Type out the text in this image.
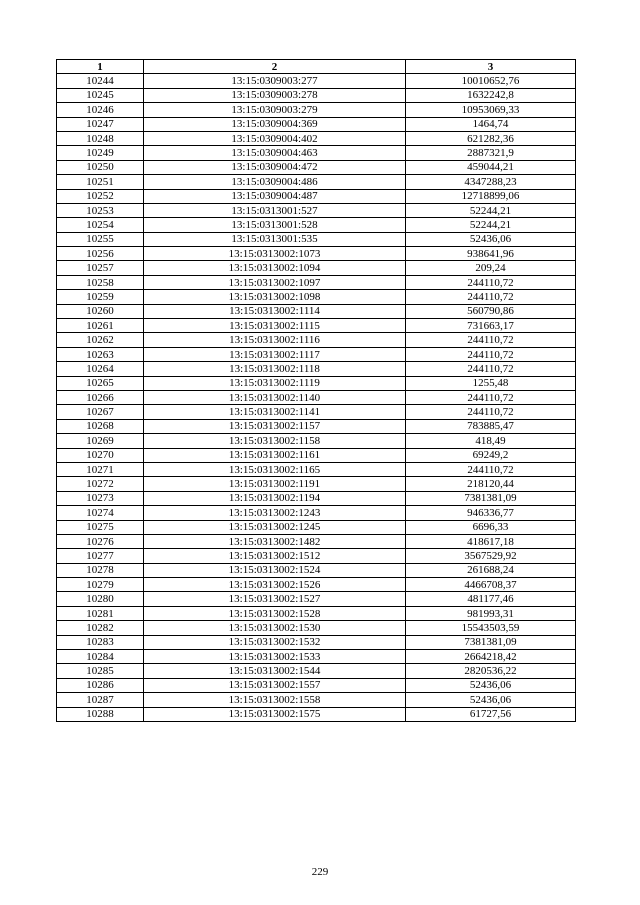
1	2	3
10244	13:15:0309003:277	10010652,76
10245	13:15:0309003:278	1632242,8
10246	13:15:0309003:279	10953069,33
10247	13:15:0309004:369	1464,74
10248	13:15:0309004:402	621282,36
10249	13:15:0309004:463	2887321,9
10250	13:15:0309004:472	459044,21
10251	13:15:0309004:486	4347288,23
10252	13:15:0309004:487	12718899,06
10253	13:15:0313001:527	52244,21
10254	13:15:0313001:528	52244,21
10255	13:15:0313001:535	52436,06
10256	13:15:0313002:1073	938641,96
10257	13:15:0313002:1094	209,24
10258	13:15:0313002:1097	244110,72
10259	13:15:0313002:1098	244110,72
10260	13:15:0313002:1114	560790,86
10261	13:15:0313002:1115	731663,17
10262	13:15:0313002:1116	244110,72
10263	13:15:0313002:1117	244110,72
10264	13:15:0313002:1118	244110,72
10265	13:15:0313002:1119	1255,48
10266	13:15:0313002:1140	244110,72
10267	13:15:0313002:1141	244110,72
10268	13:15:0313002:1157	783885,47
10269	13:15:0313002:1158	418,49
10270	13:15:0313002:1161	69249,2
10271	13:15:0313002:1165	244110,72
10272	13:15:0313002:1191	218120,44
10273	13:15:0313002:1194	7381381,09
10274	13:15:0313002:1243	946336,77
10275	13:15:0313002:1245	6696,33
10276	13:15:0313002:1482	418617,18
10277	13:15:0313002:1512	3567529,92
10278	13:15:0313002:1524	261688,24
10279	13:15:0313002:1526	4466708,37
10280	13:15:0313002:1527	481177,46
10281	13:15:0313002:1528	981993,31
10282	13:15:0313002:1530	15543503,59
10283	13:15:0313002:1532	7381381,09
10284	13:15:0313002:1533	2664218,42
10285	13:15:0313002:1544	2820536,22
10286	13:15:0313002:1557	52436,06
10287	13:15:0313002:1558	52436,06
10288	13:15:0313002:1575	61727,56
229
